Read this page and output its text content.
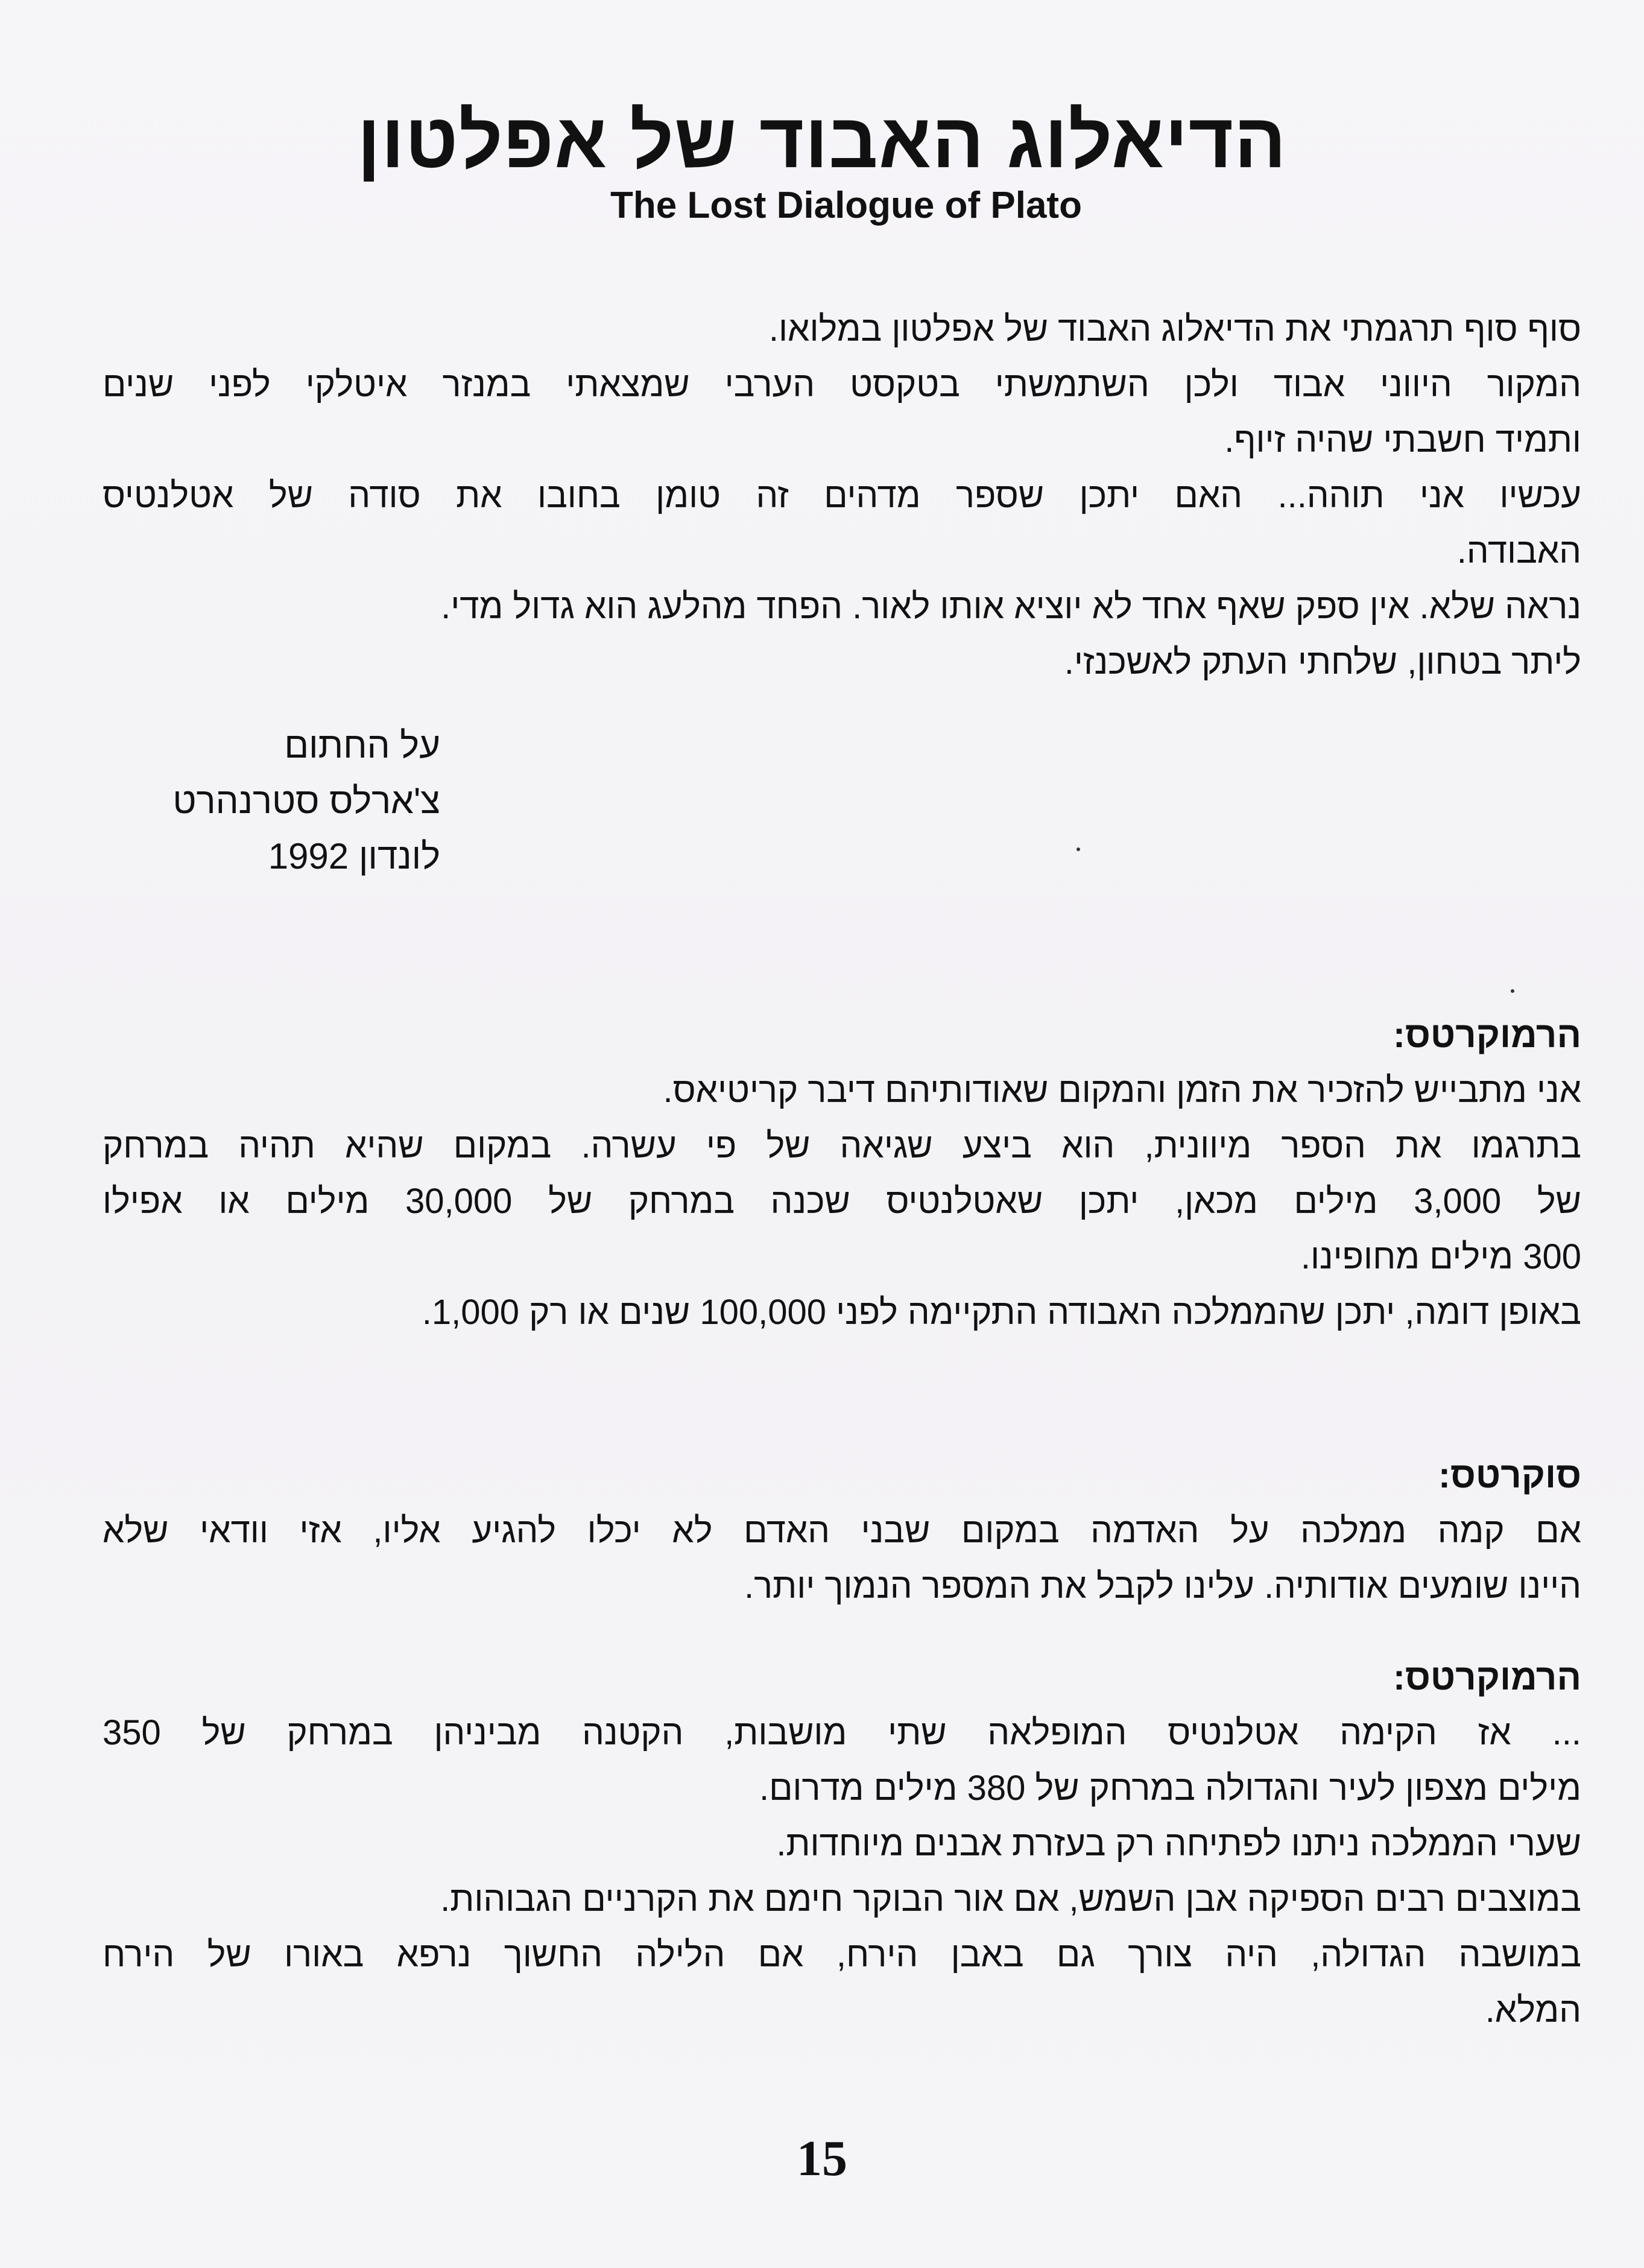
הדיאלוג האבוד של אפלטון
The Lost Dialogue of Plato
סוף סוף תרגמתי את הדיאלוג האבוד של אפלטון במלואו.
המקור היווני אבוד ולכן השתמשתי בטקסט הערבי שמצאתי במנזר איטלקי לפני שנים
ותמיד חשבתי שהיה זיוף.
עכשיו אני תוהה... האם יתכן שספר מדהים זה טומן בחובו את סודה של אטלנטיס
האבודה.
נראה שלא. אין ספק שאף אחד לא יוציא אותו לאור. הפחד מהלעג הוא גדול מדי.
ליתר בטחון, שלחתי העתק לאשכנזי.
על החתום
צ'ארלס סטרנהרט
לונדון 1992
הרמוקרטס:
אני מתבייש להזכיר את הזמן והמקום שאודותיהם דיבר קריטיאס.
בתרגמו את הספר מיוונית, הוא ביצע שגיאה של פי עשרה. במקום שהיא תהיה במרחק
של 3,000 מילים מכאן, יתכן שאטלנטיס שכנה במרחק של 30,000 מילים או אפילו
300 מילים מחופינו.
באופן דומה, יתכן שהממלכה האבודה התקיימה לפני 100,000 שנים או רק 1,000.
סוקרטס:
אם קמה ממלכה על האדמה במקום שבני האדם לא יכלו להגיע אליו, אזי וודאי שלא
היינו שומעים אודותיה. עלינו לקבל את המספר הנמוך יותר.
הרמוקרטס:
... אז הקימה אטלנטיס המופלאה שתי מושבות, הקטנה מביניהן במרחק של 350
מילים מצפון לעיר והגדולה במרחק של 380 מילים מדרום.
שערי הממלכה ניתנו לפתיחה רק בעזרת אבנים מיוחדות.
במוצבים רבים הספיקה אבן השמש, אם אור הבוקר חימם את הקרניים הגבוהות.
במושבה הגדולה, היה צורך גם באבן הירח, אם הלילה החשוך נרפא באורו של הירח
המלא.
15
